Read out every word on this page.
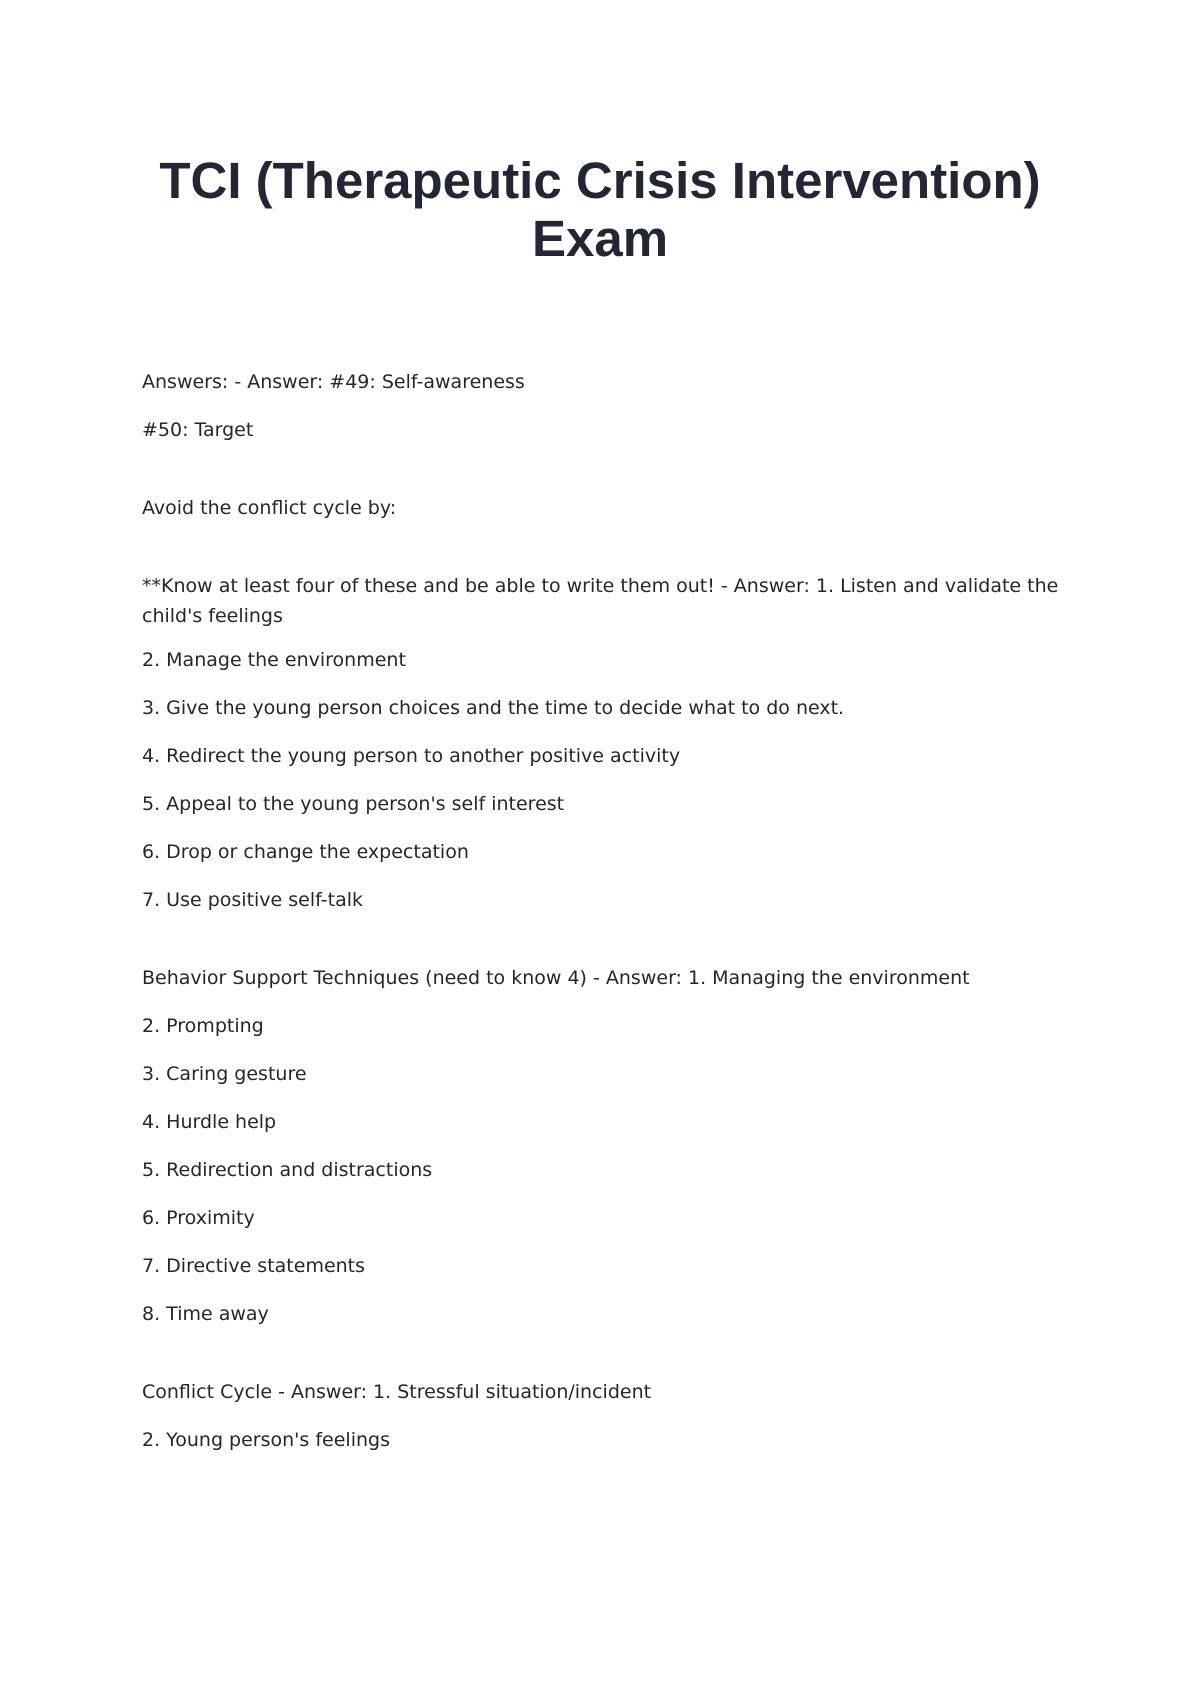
TCI (Therapeutic Crisis Intervention)
Exam

Answers: - Answer: #49: Self-awareness

#50: Target

Avoid the conflict cycle by:

**Know at least four of these and be able to write them out! - Answer: 1. Listen and validate the child's feelings

2. Manage the environment

3. Give the young person choices and the time to decide what to do next.

4. Redirect the young person to another positive activity

5. Appeal to the young person's self interest

6. Drop or change the expectation

7. Use positive self-talk

Behavior Support Techniques (need to know 4) - Answer: 1. Managing the environment

2. Prompting

3. Caring gesture

4. Hurdle help

5. Redirection and distractions

6. Proximity

7. Directive statements

8. Time away

Conflict Cycle - Answer: 1. Stressful situation/incident

2. Young person's feelings
